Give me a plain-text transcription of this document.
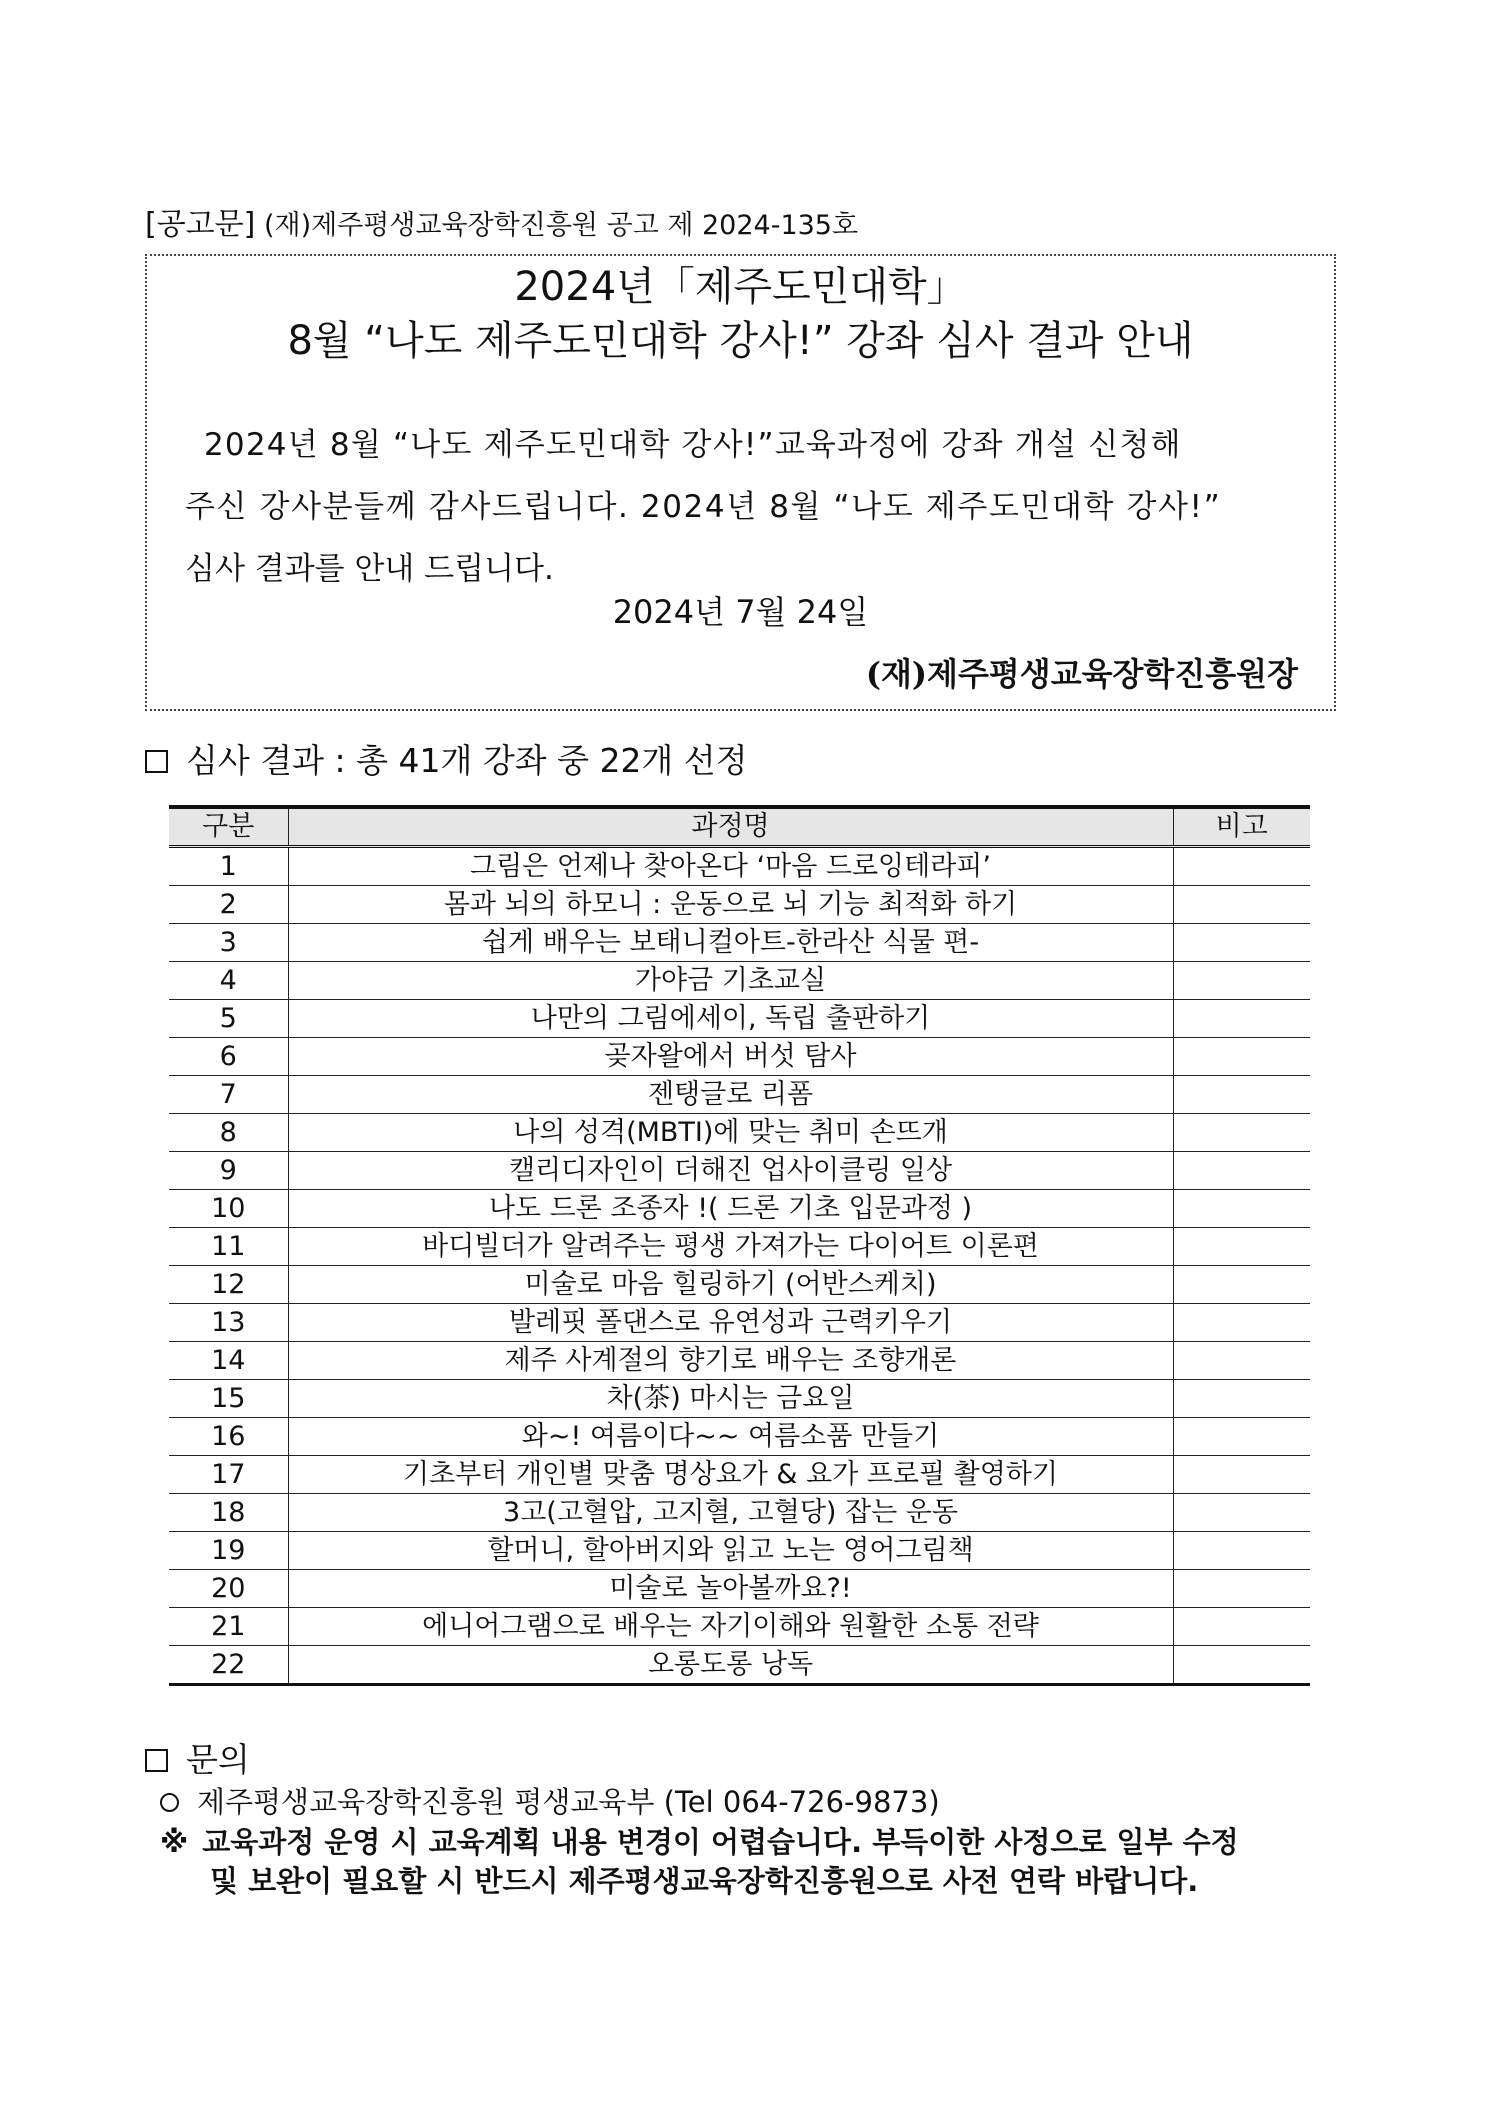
[공고문] (재)제주평생교육장학진흥원 공고 제 2024-135호
2024년「제주도민대학」
8월 “나도 제주도민대학 강사!” 강좌 심사 결과 안내
2024년 8월 “나도 제주도민대학 강사!”교육과정에 강좌 개설 신청해
주신 강사분들께 감사드립니다. 2024년 8월 “나도 제주도민대학 강사!”
심사 결과를 안내 드립니다.
2024년 7월 24일
(재)제주평생교육장학진흥원장
심사 결과 : 총 41개 강좌 중 22개 선정
구분	과정명	비고
1	그림은 언제나 찾아온다 ‘마음 드로잉테라피’	
2	몸과 뇌의 하모니 : 운동으로 뇌 기능 최적화 하기	
3	쉽게 배우는 보태니컬아트-한라산 식물 편-	
4	가야금 기초교실	
5	나만의 그림에세이, 독립 출판하기	
6	곶자왈에서 버섯 탐사	
7	젠탱글로 리폼	
8	나의 성격(MBTI)에 맞는 취미 손뜨개	
9	캘리디자인이 더해진 업사이클링 일상	
10	나도 드론 조종자 !( 드론 기초 입문과정 )	
11	바디빌더가 알려주는 평생 가져가는 다이어트 이론편	
12	미술로 마음 힐링하기 (어반스케치)	
13	발레핏 폴댄스로 유연성과 근력키우기	
14	제주 사계절의 향기로 배우는 조향개론	
15	차(茶) 마시는 금요일	
16	와~! 여름이다~~ 여름소품 만들기	
17	기초부터 개인별 맞춤 명상요가 & 요가 프로필 촬영하기	
18	3고(고혈압, 고지혈, 고혈당) 잡는 운동	
19	할머니, 할아버지와 읽고 노는 영어그림책	
20	미술로 놀아볼까요?!	
21	에니어그램으로 배우는 자기이해와 원활한 소통 전략	
22	오롱도롱 낭독	
문의
제주평생교육장학진흥원 평생교육부 (Tel 064-726-9873)
※ 교육과정 운영 시 교육계획 내용 변경이 어렵습니다. 부득이한 사정으로 일부 수정
및 보완이 필요할 시 반드시 제주평생교육장학진흥원으로 사전 연락 바랍니다.
